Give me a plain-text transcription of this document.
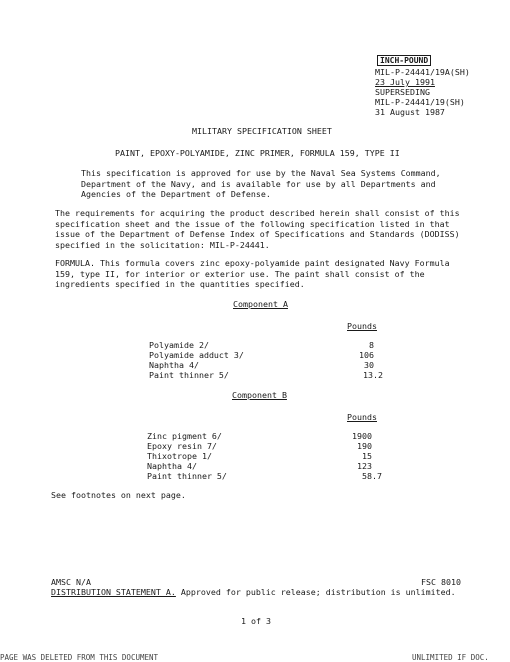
INCH-POUND
MIL-P-24441/19A(SH)
23 July 1991
SUPERSEDING
MIL-P-24441/19(SH)
31 August 1987
MILITARY SPECIFICATION SHEET
PAINT, EPOXY-POLYAMIDE, ZINC PRIMER, FORMULA 159, TYPE II
This specification is approved for use by the Naval Sea Systems Command,
Department of the Navy, and is available for use by all Departments and
Agencies of the Department of Defense.
The requirements for acquiring the product described herein shall consist of this
specification sheet and the issue of the following specification listed in that
issue of the Department of Defense Index of Specifications and Standards (DODISS)
specified in the solicitation: MIL-P-24441.
FORMULA. This formula covers zinc epoxy-polyamide paint designated Navy Formula
159, type II, for interior or exterior use. The paint shall consist of the
ingredients specified in the quantities specified.
Component A
Pounds
Polyamide 2/	8
Polyamide adduct 3/	106
Naphtha 4/	30
Paint thinner 5/	13.2
Component B
Pounds
Zinc pigment 6/	1900
Epoxy resin 7/	190
Thixotrope 1/	15
Naphtha 4/	123
Paint thinner 5/	58.7
See footnotes on next page.
AMSC N/A	FSC 8010
DISTRIBUTION STATEMENT A. Approved for public release; distribution is unlimited.
1 of 3
PAGE WAS DELETED FROM THIS DOCUMENT	UNLIMITED IF DOC.
